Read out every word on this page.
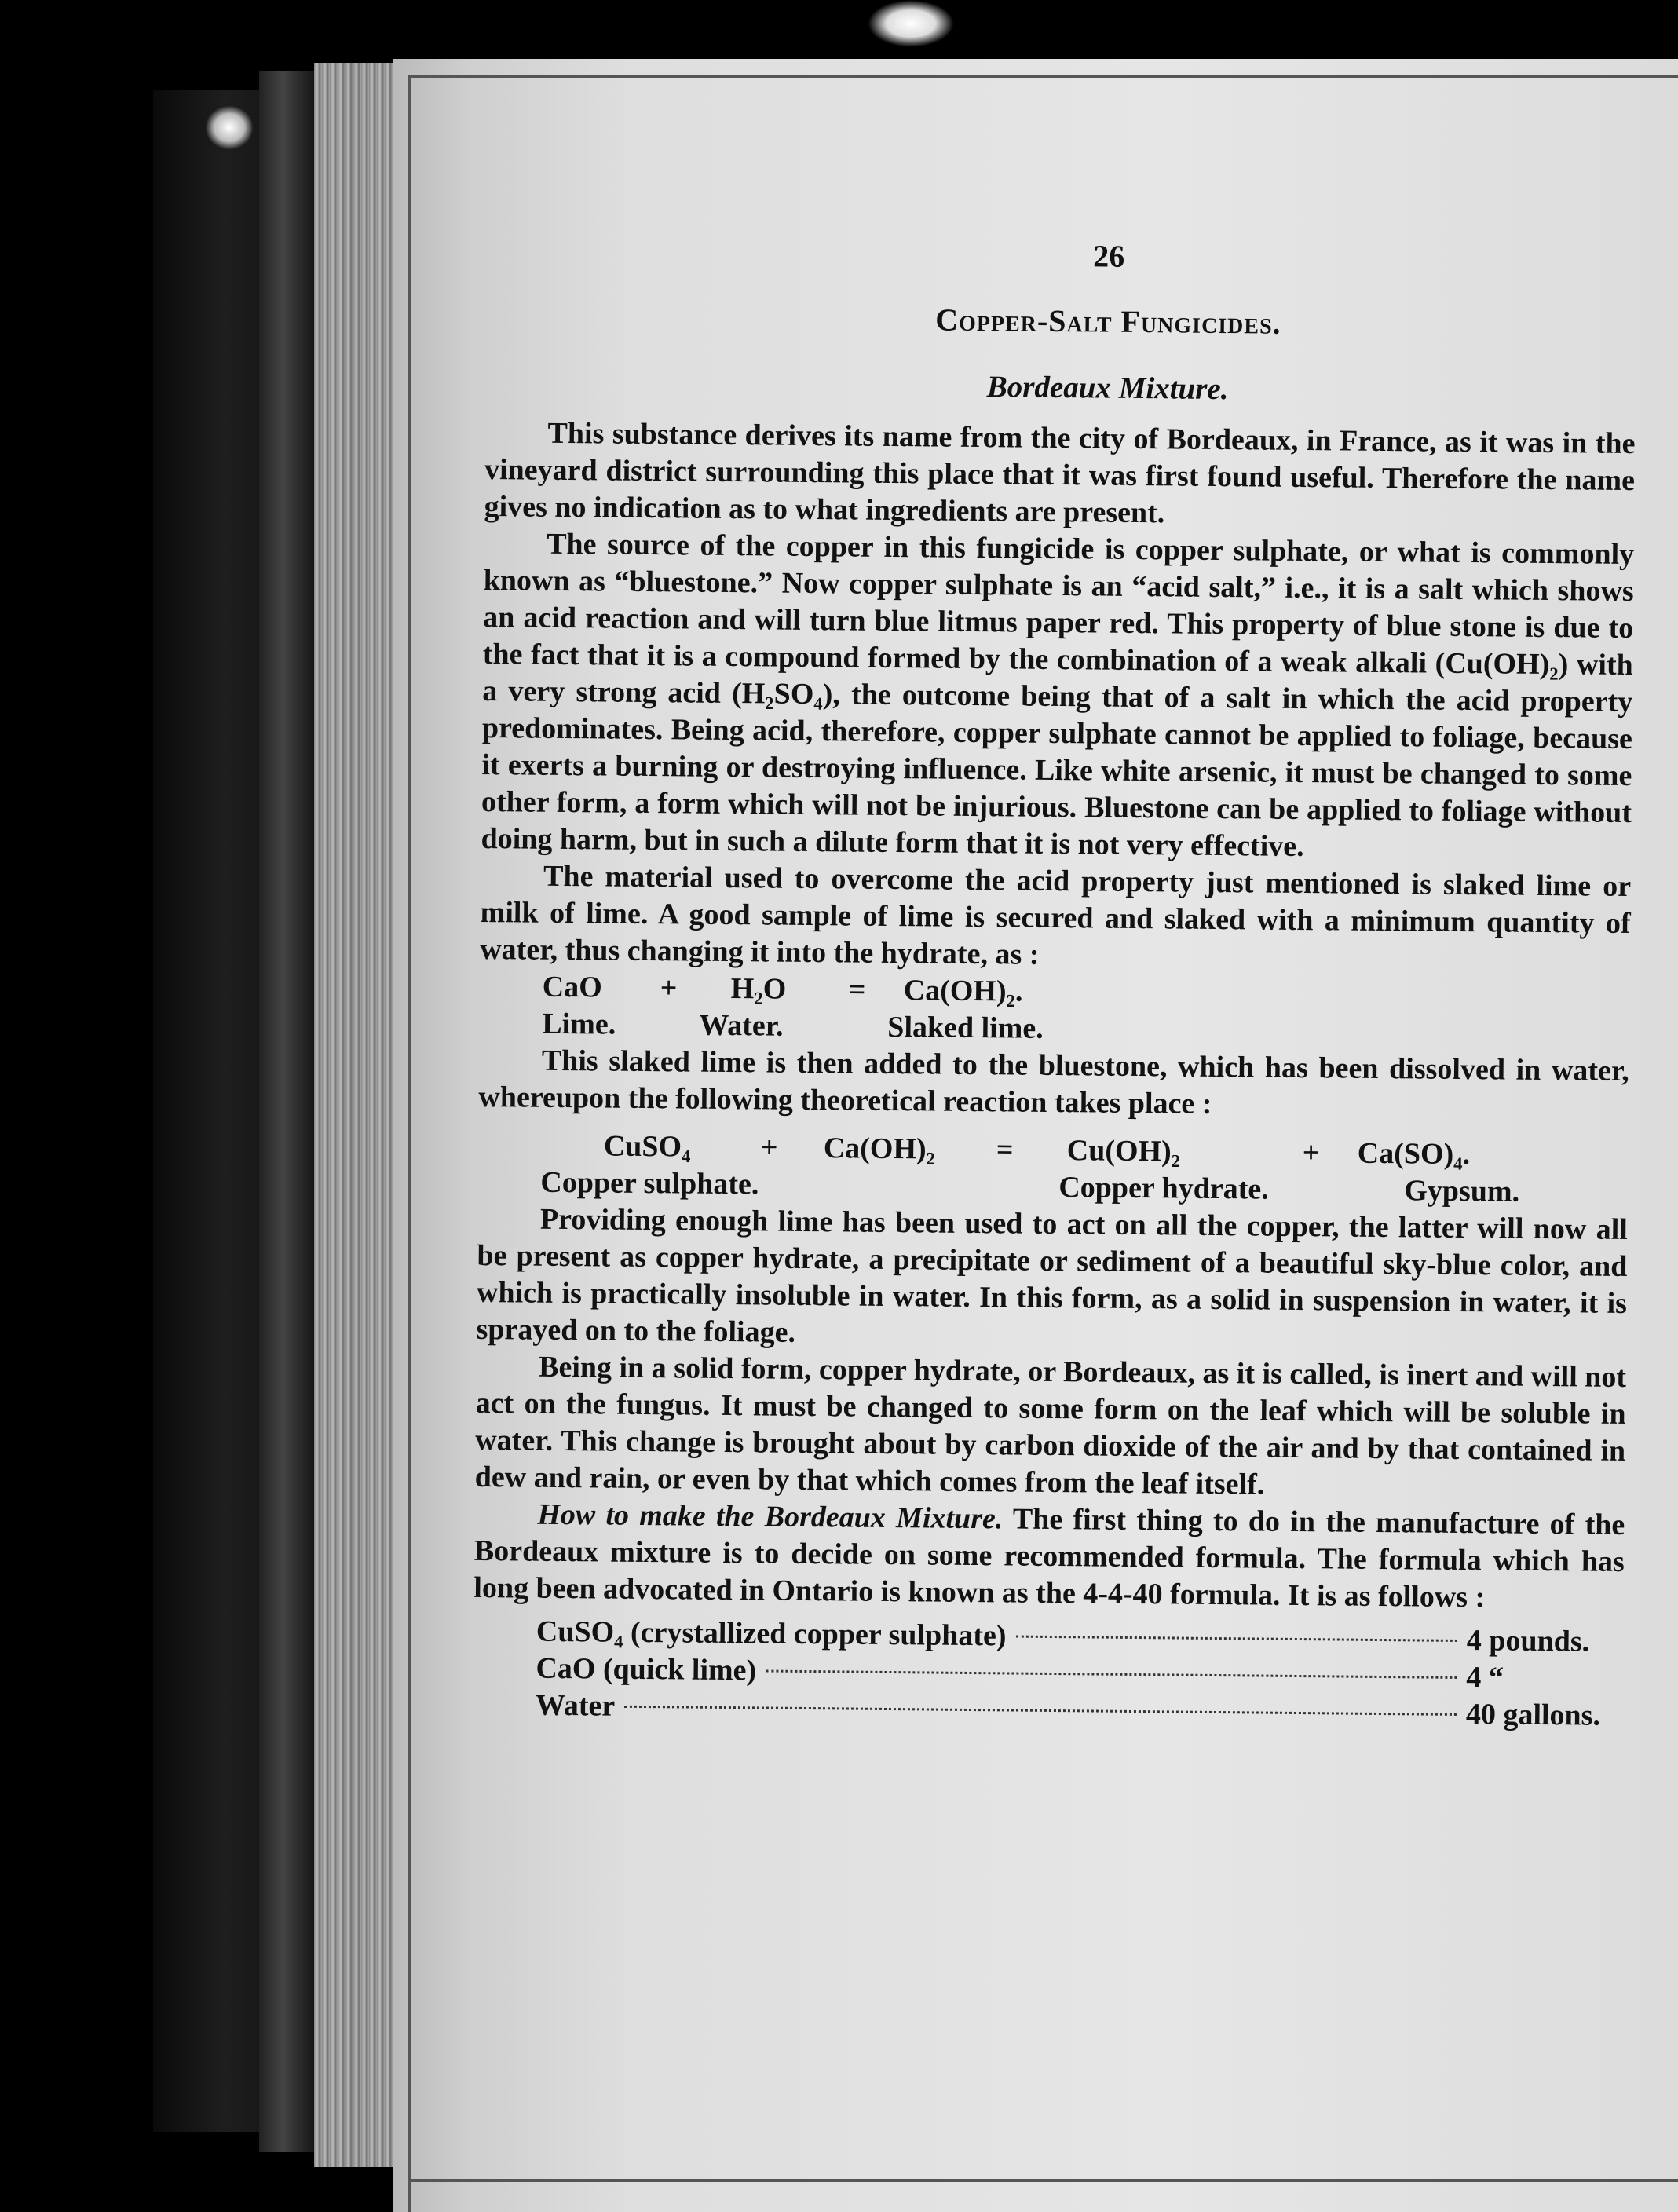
26
Copper-Salt Fungicides.
Bordeaux Mixture.

This substance derives its name from the city of Bordeaux, in France, as it was in the vineyard district surrounding this place that it was first found useful. Therefore the name gives no indication as to what ingredients are present.

The source of the copper in this fungicide is copper sulphate, or what is commonly known as “bluestone.” Now copper sulphate is an “acid salt,” i.e., it is a salt which shows an acid reaction and will turn blue litmus paper red. This property of blue stone is due to the fact that it is a compound formed by the combination of a weak alkali (Cu(OH)₂) with a very strong acid (H₂SO₄), the outcome being that of a salt in which the acid property predominates. Being acid, therefore, copper sulphate cannot be applied to foliage, because it exerts a burning or destroying influence. Like white arsenic, it must be changed to some other form, a form which will not be injurious. Bluestone can be applied to foliage without doing harm, but in such a dilute form that it is not very effective.

The material used to overcome the acid property just mentioned is slaked lime or milk of lime. A good sample of lime is secured and slaked with a minimum quantity of water, thus changing it into the hydrate, as :

CaO	+	H₂O	=	Ca(OH)₂.
Lime.	Water.	Slaked lime.

This slaked lime is then added to the bluestone, which has been dissolved in water, whereupon the following theoretical reaction takes place :

CuSO₄	+	Ca(OH)₂	=	Cu(OH)₂	+	Ca(SO)₄.
Copper sulphate.	Copper hydrate.	Gypsum.

Providing enough lime has been used to act on all the copper, the latter will now all be present as copper hydrate, a precipitate or sediment of a beautiful sky-blue color, and which is practically insoluble in water. In this form, as a solid in suspension in water, it is sprayed on to the foliage.

Being in a solid form, copper hydrate, or Bordeaux, as it is called, is inert and will not act on the fungus. It must be changed to some form on the leaf which will be soluble in water. This change is brought about by carbon dioxide of the air and by that contained in dew and rain, or even by that which comes from the leaf itself.

How to make the Bordeaux Mixture. The first thing to do in the manufacture of the Bordeaux mixture is to decide on some recommended formula. The formula which has long been advocated in Ontario is known as the 4-4-40 formula. It is as follows :

CuSO₄ (crystallized copper sulphate)	4 pounds.
CaO (quick lime)	4 “
Water	40 gallons.
